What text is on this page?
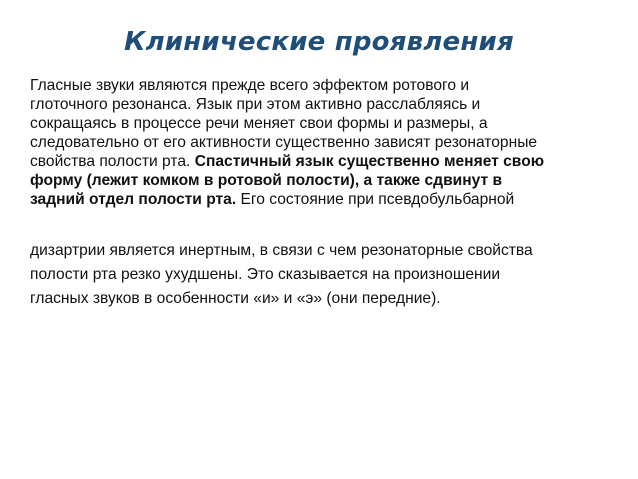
Клинические проявления
Гласные звуки являются прежде всего эффектом ротового и
глоточного резонанса. Язык при этом активно расслабляясь и
сокращаясь в процессе речи меняет свои формы и размеры, а
следовательно от его активности существенно зависят резонаторные
свойства полости рта. Спастичный язык существенно меняет свою
форму (лежит комком в ротовой полости), а также сдвинут в
задний отдел полости рта. Его состояние при псевдобульбарной
дизартрии является инертным, в связи с чем резонаторные свойства
полости рта резко ухудшены. Это сказывается на произношении
гласных звуков в особенности «и» и «э» (они передние).
